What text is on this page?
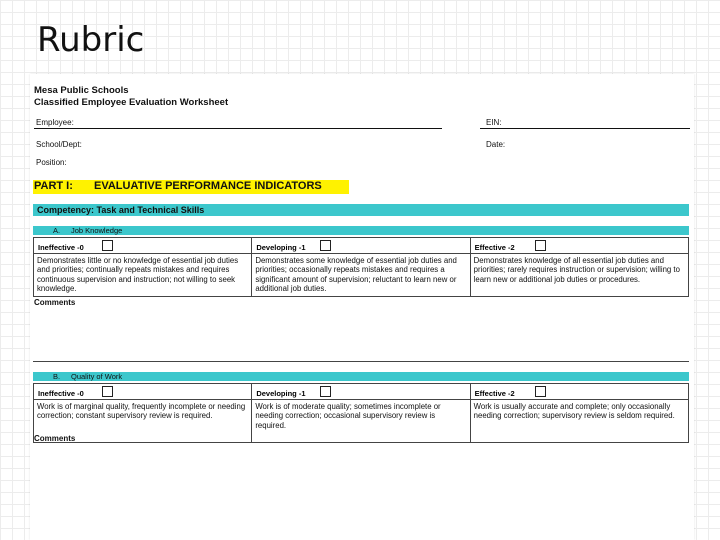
Rubric
Mesa Public Schools
Classified Employee Evaluation Worksheet
Employee:	EIN:
School/Dept:	Date:
Position:
PART I: EVALUATIVE PERFORMANCE INDICATORS
Competency: Task and Technical Skills
A. Job Knowledge
Ineffective -0
Demonstrates little or no knowledge of essential job duties and priorities; continually repeats mistakes and requires continuous supervision and instruction; not willing to seek knowledge.
Developing -1
Demonstrates some knowledge of essential job duties and priorities; occasionally repeats mistakes and requires a significant amount of supervision; reluctant to learn new or additional job duties.
Effective -2
Demonstrates knowledge of all essential job duties and priorities; rarely requires instruction or supervision; willing to learn new or additional job duties or procedures.
Comments
B. Quality of Work
Ineffective -0
Work is of marginal quality, frequently incomplete or needing correction; constant supervisory review is required.
Developing -1
Work is of moderate quality; sometimes incomplete or needing correction; occasional supervisory review is required.
Effective -2
Work is usually accurate and complete; only occasionally needing correction; supervisory review is seldom required.
Comments
